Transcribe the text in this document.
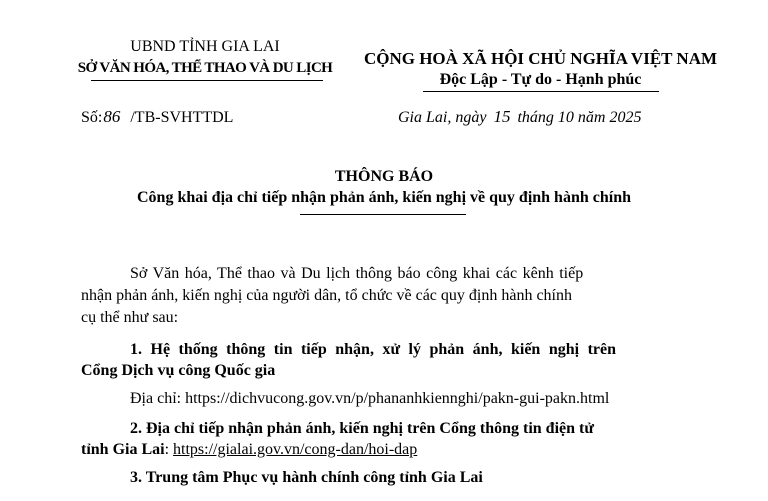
UBND TỈNH GIA LAI
SỞ VĂN HÓA, THỂ THAO VÀ DU LỊCH	CỘNG HOÀ XÃ HỘI CHỦ NGHĨA VIỆT NAM
Độc Lập - Tự do - Hạnh phúc
Số:86 /TB-SVHTTDL	Gia Lai, ngày 15 tháng 10 năm 2025
THÔNG BÁO
Công khai địa chỉ tiếp nhận phản ánh, kiến nghị về quy định hành chính
Sở Văn hóa, Thể thao và Du lịch thông báo công khai các kênh tiếp
nhận phản ánh, kiến nghị của người dân, tổ chức về các quy định hành chính
cụ thể như sau:
1. Hệ thống thông tin tiếp nhận, xử lý phản ánh, kiến nghị trên
Cổng Dịch vụ công Quốc gia
Địa chỉ: https://dichvucong.gov.vn/p/phananhkiennghi/pakn-gui-pakn.html
2. Địa chỉ tiếp nhận phản ánh, kiến nghị trên Cổng thông tin điện tử
tỉnh Gia Lai: https://gialai.gov.vn/cong-dan/hoi-dap
3. Trung tâm Phục vụ hành chính công tỉnh Gia Lai
